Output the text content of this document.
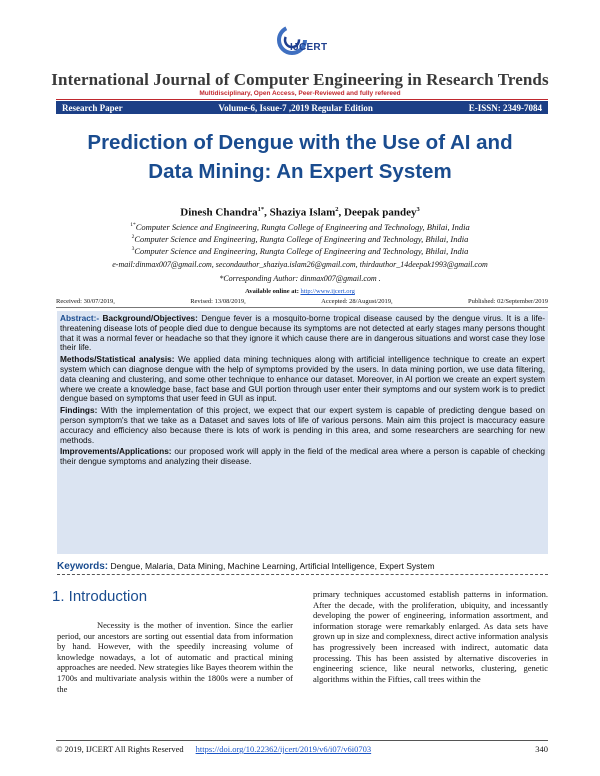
IJCERT
International Journal of Computer Engineering in Research Trends
Multidisciplinary, Open Access, Peer-Reviewed and fully refereed
Research Paper	Volume-6, Issue-7 ,2019 Regular Edition	E-ISSN: 2349-7084
Prediction of Dengue with the Use of AI and
Data Mining: An Expert System
Dinesh Chandra$^{1*}$, Shaziya Islam$^2$, Deepak pandey$^3$
$^{1*}$Computer Science and Engineering, Rungta College of Engineering and Technology, Bhilai, India
$^2$Computer Science and Engineering, Rungta College of Engineering and Technology, Bhilai, India
$^3$Computer Science and Engineering, Rungta College of Engineering and Technology, Bhilai, India
e-mail:dinmax007@gmail.com, secondauthor_shaziya.islam26@gmail.com, thirdauthor_14deepak1993@gmail.com
*Corresponding Author: dinmax007@gmail.com .
Available online at: http://www.ijcert.org
Received: 30/07/2019,	Revised: 13/08/2019,	Accepted: 28/August/2019,	Published: 02/September/2019

Abstract:- Background/Objectives: Dengue fever is a mosquito-borne tropical disease caused by the dengue virus. It is a life-threatening disease lots of people died due to dengue because its symptoms are not detected at early stages many persons thought that it was a normal fever or headache so that they ignore it which cause there are in dangerous situations and worst case they lose their life.

Methods/Statistical analysis: We applied data mining techniques along with artificial intelligence technique to create an expert system which can diagnose dengue with the help of symptoms provided by the users. In data mining portion, we use data filtering, data cleaning and clustering, and some other technique to enhance our dataset. Moreover, in AI portion we create an expert system where we create a knowledge base, fact base and GUI portion through user enter their symptoms and our system work is to predict dengue based on symptoms that user feed in GUI as input.

Findings: With the implementation of this project, we expect that our expert system is capable of predicting dengue based on person symptom's that we take as a Dataset and saves lots of life of various persons. Main aim this project is maccuracy easure accuracy and efficiency also because there is lots of work is pending in this area, and some researchers are searching for new methods.

Improvements/Applications: our proposed work will apply in the field of the medical area where a person is capable of checking their dengue symptoms and analyzing their disease.

Keywords: Dengue, Malaria, Data Mining, Machine Learning, Artificial Intelligence, Expert System
1. Introduction
Necessity is the mother of invention. Since the earlier period, our ancestors are sorting out essential data from information by hand. However, with the speedily increasing volume of knowledge nowadays, a lot of automatic and practical mining approaches are needed. New strategies like Bayes theorem within the 1700s and multivariate analysis within the 1800s were a number of the
primary techniques accustomed establish patterns in information. After the decade, with the proliferation, ubiquity, and incessantly developing the power of engineering, information assortment, and information storage were remarkably enlarged. As data sets have grown up in size and complexness, direct active information analysis has progressively been increased with indirect, automatic data processing. This has been assisted by alternative discoveries in engineering science, like neural networks, clustering, genetic algorithms within the Fifties, call trees within the
© 2019, IJCERT All Rights Reserved https://doi.org/10.22362/ijcert/2019/v6/i07/v6i0703	340
